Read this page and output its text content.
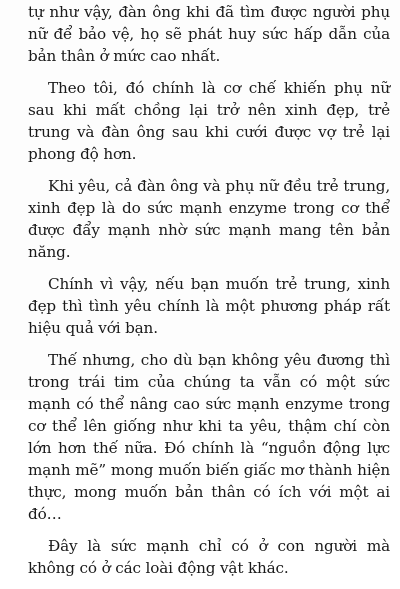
tự như vậy, đàn ông khi đã tìm được người phụ nữ để bảo vệ, họ sẽ phát huy sức hấp dẫn của bản thân ở mức cao nhất.

Theo tôi, đó chính là cơ chế khiến phụ nữ sau khi mất chồng lại trở nên xinh đẹp, trẻ trung và đàn ông sau khi cưới được vợ trẻ lại phong độ hơn.

Khi yêu, cả đàn ông và phụ nữ đều trẻ trung, xinh đẹp là do sức mạnh enzyme trong cơ thể được đẩy mạnh nhờ sức mạnh mang tên bản năng.

Chính vì vậy, nếu bạn muốn trẻ trung, xinh đẹp thì tình yêu chính là một phương pháp rất hiệu quả với bạn.

Thế nhưng, cho dù bạn không yêu đương thì trong trái tim của chúng ta vẫn có một sức mạnh có thể nâng cao sức mạnh enzyme trong cơ thể lên giống như khi ta yêu, thậm chí còn lớn hơn thế nữa. Đó chính là “nguồn động lực mạnh mẽ” mong muốn biến giấc mơ thành hiện thực, mong muốn bản thân có ích với một ai đó…

Đây là sức mạnh chỉ có ở con người mà không có ở các loài động vật khác.
